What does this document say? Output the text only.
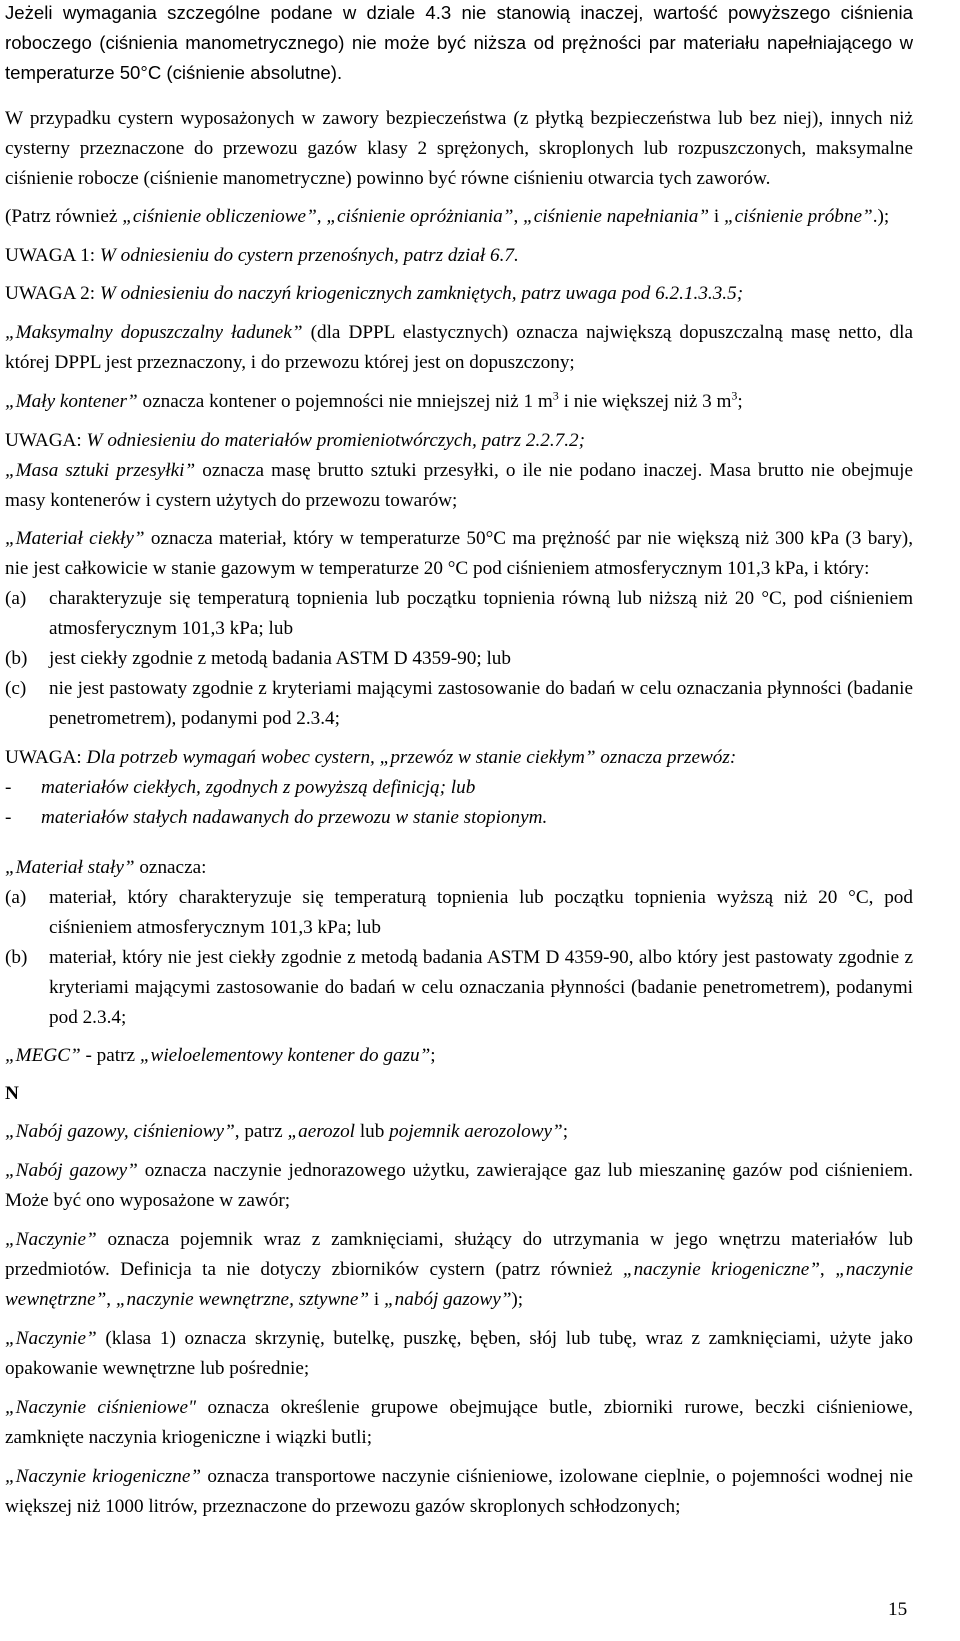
Jeżeli wymagania szczególne podane w dziale 4.3 nie stanowią inaczej, wartość powyższego ciśnienia roboczego (ciśnienia manometrycznego) nie może być niższa od prężności par materiału napełniającego w temperaturze 50°C (ciśnienie absolutne).

W przypadku cystern wyposażonych w zawory bezpieczeństwa (z płytką bezpieczeństwa lub bez niej), innych niż cysterny przeznaczone do przewozu gazów klasy 2 sprężonych, skroplonych lub rozpuszczonych, maksymalne ciśnienie robocze (ciśnienie manometryczne) powinno być równe ciśnieniu otwarcia tych zaworów.

(Patrz również „ciśnienie obliczeniowe”, „ciśnienie opróżniania”, „ciśnienie napełniania” i „ciśnienie próbne”.);

UWAGA 1: W odniesieniu do cystern przenośnych, patrz dział 6.7.

UWAGA 2: W odniesieniu do naczyń kriogenicznych zamkniętych, patrz uwaga pod 6.2.1.3.3.5;

„Maksymalny dopuszczalny ładunek” (dla DPPL elastycznych) oznacza największą dopuszczalną masę netto, dla której DPPL jest przeznaczony, i do przewozu której jest on dopuszczony;

„Mały kontener” oznacza kontener o pojemności nie mniejszej niż 1 $m^3$ i nie większej niż 3 $m^3$;

UWAGA: W odniesieniu do materiałów promieniotwórczych, patrz 2.2.7.2;

„Masa sztuki przesyłki” oznacza masę brutto sztuki przesyłki, o ile nie podano inaczej. Masa brutto nie obejmuje masy kontenerów i cystern użytych do przewozu towarów;

„Materiał ciekły” oznacza materiał, który w temperaturze 50°C ma prężność par nie większą niż 300 kPa (3 bary), nie jest całkowicie w stanie gazowym w temperaturze 20 °C pod ciśnieniem atmosferycznym 101,3 kPa, i który:

(a)	charakteryzuje się temperaturą topnienia lub początku topnienia równą lub niższą niż 20 °C, pod ciśnieniem atmosferycznym 101,3 kPa; lub
(b)	jest ciekły zgodnie z metodą badania ASTM D 4359-90; lub
(c)	nie jest pastowaty zgodnie z kryteriami mającymi zastosowanie do badań w celu oznaczania płynności (badanie penetrometrem), podanymi pod 2.3.4;

UWAGA: Dla potrzeb wymagań wobec cystern, „przewóz w stanie ciekłym” oznacza przewóz:

-	materiałów ciekłych, zgodnych z powyższą definicją; lub
-	materiałów stałych nadawanych do przewozu w stanie stopionym.

„Materiał stały” oznacza:

(a)	materiał, który charakteryzuje się temperaturą topnienia lub początku topnienia wyższą niż 20 °C, pod ciśnieniem atmosferycznym 101,3 kPa; lub
(b)	materiał, który nie jest ciekły zgodnie z metodą badania ASTM D 4359-90, albo który jest pastowaty zgodnie z kryteriami mającymi zastosowanie do badań w celu oznaczania płynności (badanie penetrometrem), podanymi pod 2.3.4;

„MEGC” - patrz „wieloelementowy kontener do gazu”;

N

„Nabój gazowy, ciśnieniowy”, patrz „aerozol lub pojemnik aerozolowy”;

„Nabój gazowy” oznacza naczynie jednorazowego użytku, zawierające gaz lub mieszaninę gazów pod ciśnieniem. Może być ono wyposażone w zawór;

„Naczynie” oznacza pojemnik wraz z zamknięciami, służący do utrzymania w jego wnętrzu materiałów lub przedmiotów. Definicja ta nie dotyczy zbiorników cystern (patrz również „naczynie kriogeniczne”, „naczynie wewnętrzne”, „naczynie wewnętrzne, sztywne” i „nabój gazowy”);

„Naczynie” (klasa 1) oznacza skrzynię, butelkę, puszkę, bęben, słój lub tubę, wraz z zamknięciami, użyte jako opakowanie wewnętrzne lub pośrednie;

„Naczynie ciśnieniowe" oznacza określenie grupowe obejmujące butle, zbiorniki rurowe, beczki ciśnieniowe, zamknięte naczynia kriogeniczne i wiązki butli;

„Naczynie kriogeniczne” oznacza transportowe naczynie ciśnieniowe, izolowane cieplnie, o pojemności wodnej nie większej niż 1000 litrów, przeznaczone do przewozu gazów skroplonych schłodzonych;

15
